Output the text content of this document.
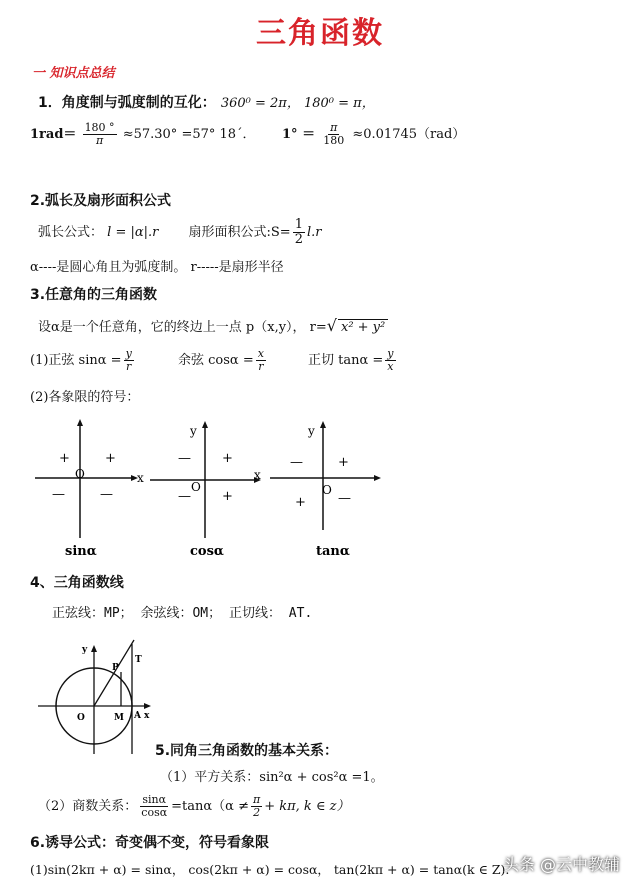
三角函数
一 知识点总结
1．角度制与弧度制的互化： 360⁰ = 2π， 180⁰ = π，
$1rad= \frac{180 ^\circ}{\pi} \approx 57.30^\circ =57^\circ$ 18ˊ． $1^\circ = \frac{\pi}{180} \approx 0.01745(rad)$
2.弧长及扇形面积公式
弧长公式： l = |α|.r 扇形面积公式:S= $\frac{1}{2} l.r$
α----是圆心角且为弧度制。 r-----是扇形半径
3.任意角的三角函数
设α是一个任意角，它的终边上一点 p（x,y）， r=√ x² + y²
(1)正弦 $\sin\alpha = \frac{y}{r}$	余弦 $\cos\alpha = \frac{x}{r}$	正切 $\tan\alpha = \frac{y}{x}$
(2)各象限的符号：
+	+
—	—
O	x
y
— +
— +
O
x
y
—	+
+ —
O
sinα	cosα	tanα
4、三角函数线
正弦线：MP； 余弦线：OM； 正切线： AT.
y
P
T
O	M A x
5.同角三角函数的基本关系：
（1）平方关系：sin²α + cos²α =1。
（2）商数关系： $\frac{\sin\alpha}{\cos\alpha} =\tan\alpha(\alpha \ne \frac{\pi}{2} + k\pi$, k ∈ z）
6.诱导公式：奇变偶不变，符号看象限
(1)sin(2kπ + α) = sinα， cos(2kπ + α) = cosα， tan(2kπ + α) = tanα(k ∈ Z).
头条 @云中教辅
